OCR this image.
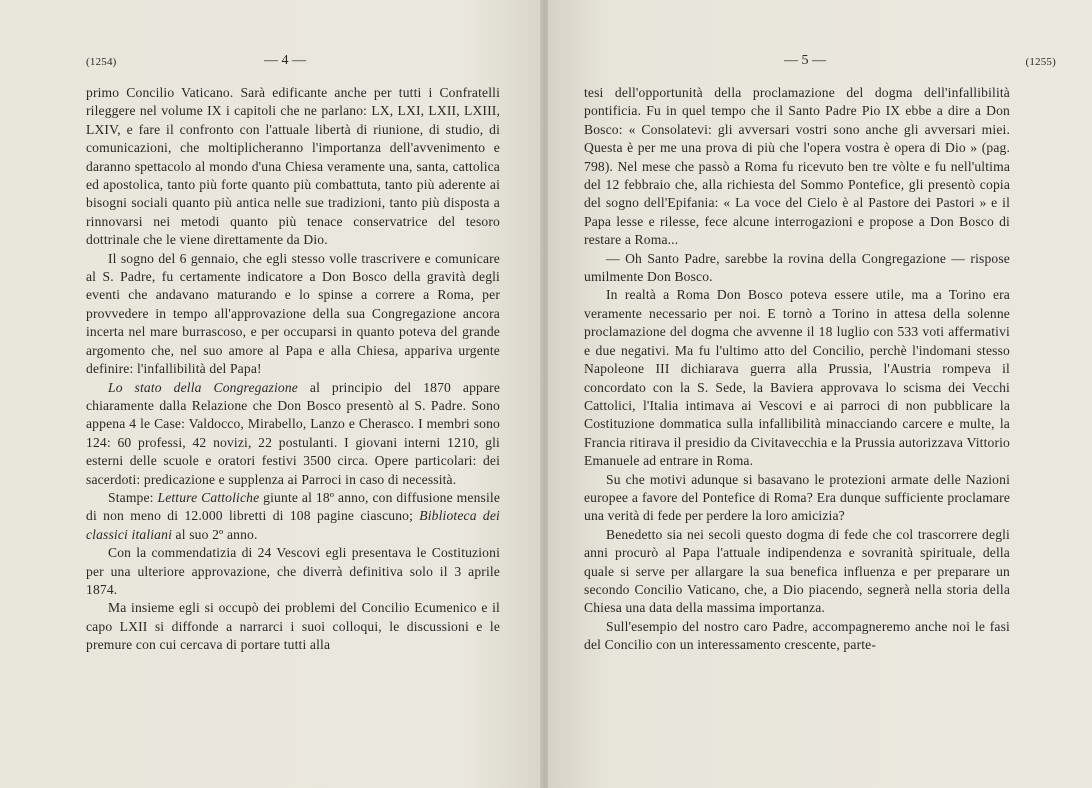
(1254)	— 4 —

primo Concilio Vaticano. Sarà edificante anche per tutti i Confratelli rileggere nel volume IX i capitoli che ne parlano: LX, LXI, LXII, LXIII, LXIV, e fare il confronto con l'attuale libertà di riunione, di studio, di comunicazioni, che moltiplicheranno l'importanza dell'avvenimento e daranno spettacolo al mondo d'una Chiesa veramente una, santa, cattolica ed apostolica, tanto più forte quanto più combattuta, tanto più aderente ai bisogni sociali quanto più antica nelle sue tradizioni, tanto più disposta a rinnovarsi nei metodi quanto più tenace conservatrice del tesoro dottrinale che le viene direttamente da Dio.

Il sogno del 6 gennaio, che egli stesso volle trascrivere e comunicare al S. Padre, fu certamente indicatore a Don Bosco della gravità degli eventi che andavano maturando e lo spinse a correre a Roma, per provvedere in tempo all'approvazione della sua Congregazione ancora incerta nel mare burrascoso, e per occuparsi in quanto poteva del grande argomento che, nel suo amore al Papa e alla Chiesa, appariva urgente definire: l'infallibilità del Papa!

Lo stato della Congregazione al principio del 1870 appare chiaramente dalla Relazione che Don Bosco presentò al S. Padre. Sono appena 4 le Case: Valdocco, Mirabello, Lanzo e Cherasco. I membri sono 124: 60 professi, 42 novizi, 22 postulanti. I giovani interni 1210, gli esterni delle scuole e oratori festivi 3500 circa. Opere particolari: dei sacerdoti: predicazione e supplenza ai Parroci in caso di necessità.

Stampe: Letture Cattoliche giunte al 18º anno, con diffusione mensile di non meno di 12.000 libretti di 108 pagine ciascuno; Biblioteca dei classici italiani al suo 2º anno.

Con la commendatizia di 24 Vescovi egli presentava le Costituzioni per una ulteriore approvazione, che diverrà definitiva solo il 3 aprile 1874.

Ma insieme egli si occupò dei problemi del Concilio Ecumenico e il capo LXII si diffonde a narrarci i suoi colloqui, le discussioni e le premure con cui cercava di portare tutti alla

— 5 —	(1255)

tesi dell'opportunità della proclamazione del dogma dell'infallibilità pontificia. Fu in quel tempo che il Santo Padre Pio IX ebbe a dire a Don Bosco: « Consolatevi: gli avversari vostri sono anche gli avversari miei. Questa è per me una prova di più che l'opera vostra è opera di Dio » (pag. 798). Nel mese che passò a Roma fu ricevuto ben tre vòlte e fu nell'ultima del 12 febbraio che, alla richiesta del Sommo Pontefice, gli presentò copia del sogno dell'Epifania: « La voce del Cielo è al Pastore dei Pastori » e il Papa lesse e rilesse, fece alcune interrogazioni e propose a Don Bosco di restare a Roma...

— Oh Santo Padre, sarebbe la rovina della Congregazione — rispose umilmente Don Bosco.

In realtà a Roma Don Bosco poteva essere utile, ma a Torino era veramente necessario per noi. E tornò a Torino in attesa della solenne proclamazione del dogma che avvenne il 18 luglio con 533 voti affermativi e due negativi. Ma fu l'ultimo atto del Concilio, perchè l'indomani stesso Napoleone III dichiarava guerra alla Prussia, l'Austria rompeva il concordato con la S. Sede, la Baviera approvava lo scisma dei Vecchi Cattolici, l'Italia intimava ai Vescovi e ai parroci di non pubblicare la Costituzione dommatica sulla infallibilità minacciando carcere e multe, la Francia ritirava il presidio da Civitavecchia e la Prussia autorizzava Vittorio Emanuele ad entrare in Roma.

Su che motivi adunque si basavano le protezioni armate delle Nazioni europee a favore del Pontefice di Roma? Era dunque sufficiente proclamare una verità di fede per perdere la loro amicizia?

Benedetto sia nei secoli questo dogma di fede che col trascorrere degli anni procurò al Papa l'attuale indipendenza e sovranità spirituale, della quale si serve per allargare la sua benefica influenza e per preparare un secondo Concilio Vaticano, che, a Dio piacendo, segnerà nella storia della Chiesa una data della massima importanza.

Sull'esempio del nostro caro Padre, accompagneremo anche noi le fasi del Concilio con un interessamento crescente, parte-
